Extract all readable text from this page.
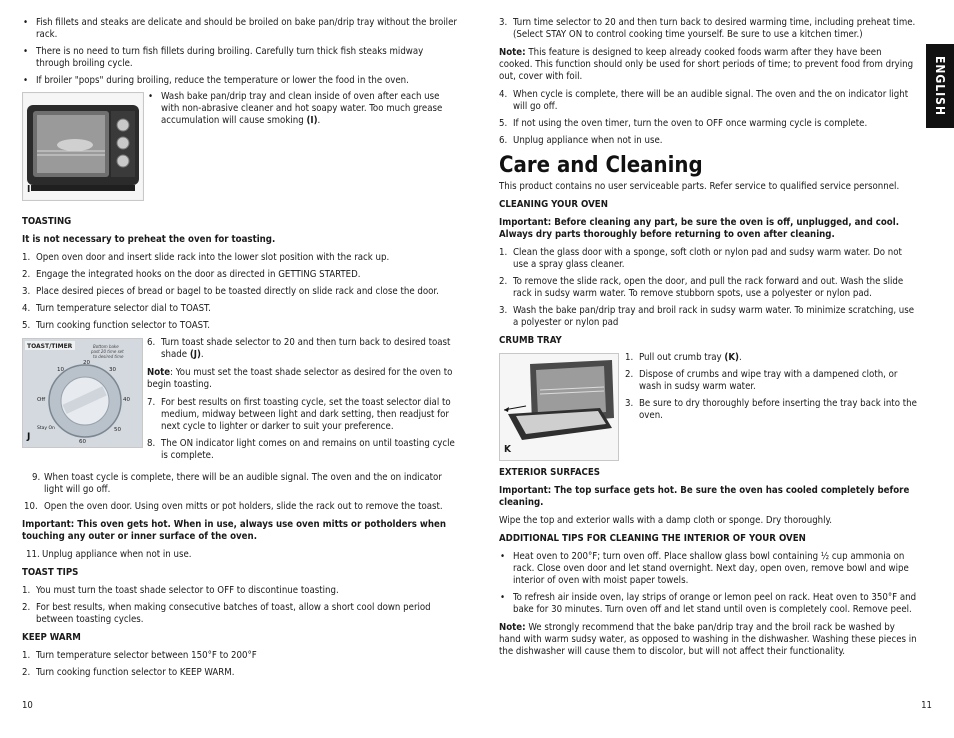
• Fish fillets and steaks are delicate and should be broiled on bake pan/drip tray without the broiler rack.
• There is no need to turn fish fillets during broiling. Carefully turn thick fish steaks midway through broiling cycle.
• If broiler "pops" during broiling, reduce the temperature or lower the food in the oven.
I
• Wash bake pan/drip tray and clean inside of oven after each use with non-abrasive cleaner and hot soapy water. Too much grease accumulation will cause smoking (I).

TOASTING

It is not necessary to preheat the oven for toasting.

1. Open oven door and insert slide rack into the lower slot position with the rack up.
2. Engage the integrated hooks on the door as directed in GETTING STARTED.
3. Place desired pieces of bread or bagel to be toasted directly on slide rack and close the door.
4. Turn temperature selector dial to TOAST.
5. Turn cooking function selector to TOAST.
TOAST/TIMER	Bottom bake past 20 time set to desired time
10
20
30
40
50
60
Off
Stay On
J
6. Turn toast shade selector to 20 and then turn back to desired toast shade (J).

Note: You must set the toast shade selector as desired for the oven to begin toasting.

7. For best results on first toasting cycle, set the toast selector dial to medium, midway between light and dark setting, then readjust for next cycle to lighter or darker to suit your preference.
8. The ON indicator light comes on and remains on until toasting cycle is complete.
9. When toast cycle is complete, there will be an audible signal. The oven and the on indicator light will go off.
10. Open the oven door. Using oven mitts or pot holders, slide the rack out to remove the toast.

Important: This oven gets hot. When in use, always use oven mitts or potholders when touching any outer or inner surface of the oven.

11. Unplug appliance when not in use.

TOAST TIPS

1. You must turn the toast shade selector to OFF to discontinue toasting.
2. For best results, when making consecutive batches of toast, allow a short cool down period between toasting cycles.

KEEP WARM

1. Turn temperature selector between 150°F to 200°F
2. Turn cooking function selector to KEEP WARM.
10
3. Turn time selector to 20 and then turn back to desired warming time, including preheat time. (Select STAY ON to control cooking time yourself. Be sure to use a kitchen timer.)

Note: This feature is designed to keep already cooked foods warm after they have been cooked. This function should only be used for short periods of time; to prevent food from drying out, cover with foil.

4. When cycle is complete, there will be an audible signal. The oven and the on indicator light will go off.
5. If not using the oven timer, turn the oven to OFF once warming cycle is complete.
6. Unplug appliance when not in use.
Care and Cleaning

This product contains no user serviceable parts. Refer service to qualified service personnel.

CLEANING YOUR OVEN

Important: Before cleaning any part, be sure the oven is off, unplugged, and cool. Always dry parts thoroughly before returning to oven after cleaning.

1. Clean the glass door with a sponge, soft cloth or nylon pad and sudsy warm water. Do not use a spray glass cleaner.
2. To remove the slide rack, open the door, and pull the rack forward and out. Wash the slide rack in sudsy warm water. To remove stubborn spots, use a polyester or nylon pad.
3. Wash the bake pan/drip tray and broil rack in sudsy warm water. To minimize scratching, use a polyester or nylon pad

CRUMB TRAY

K
1. Pull out crumb tray (K).
2. Dispose of crumbs and wipe tray with a dampened cloth, or wash in sudsy warm water.
3. Be sure to dry thoroughly before inserting the tray back into the oven.

EXTERIOR SURFACES

Important: The top surface gets hot. Be sure the oven has cooled completely before cleaning.

Wipe the top and exterior walls with a damp cloth or sponge. Dry thoroughly.

ADDITIONAL TIPS FOR CLEANING THE INTERIOR OF YOUR OVEN

• Heat oven to 200°F; turn oven off. Place shallow glass bowl containing ½ cup ammonia on rack. Close oven door and let stand overnight. Next day, open oven, remove bowl and wipe interior of oven with moist paper towels.
• To refresh air inside oven, lay strips of orange or lemon peel on rack. Heat oven to 350°F and bake for 30 minutes. Turn oven off and let stand until oven is completely cool. Remove peel.

Note: We strongly recommend that the bake pan/drip tray and the broil rack be washed by hand with warm sudsy water, as opposed to washing in the dishwasher. Washing these pieces in the dishwasher will cause them to discolor, but will not affect their functionality.

11
ENGLISH
